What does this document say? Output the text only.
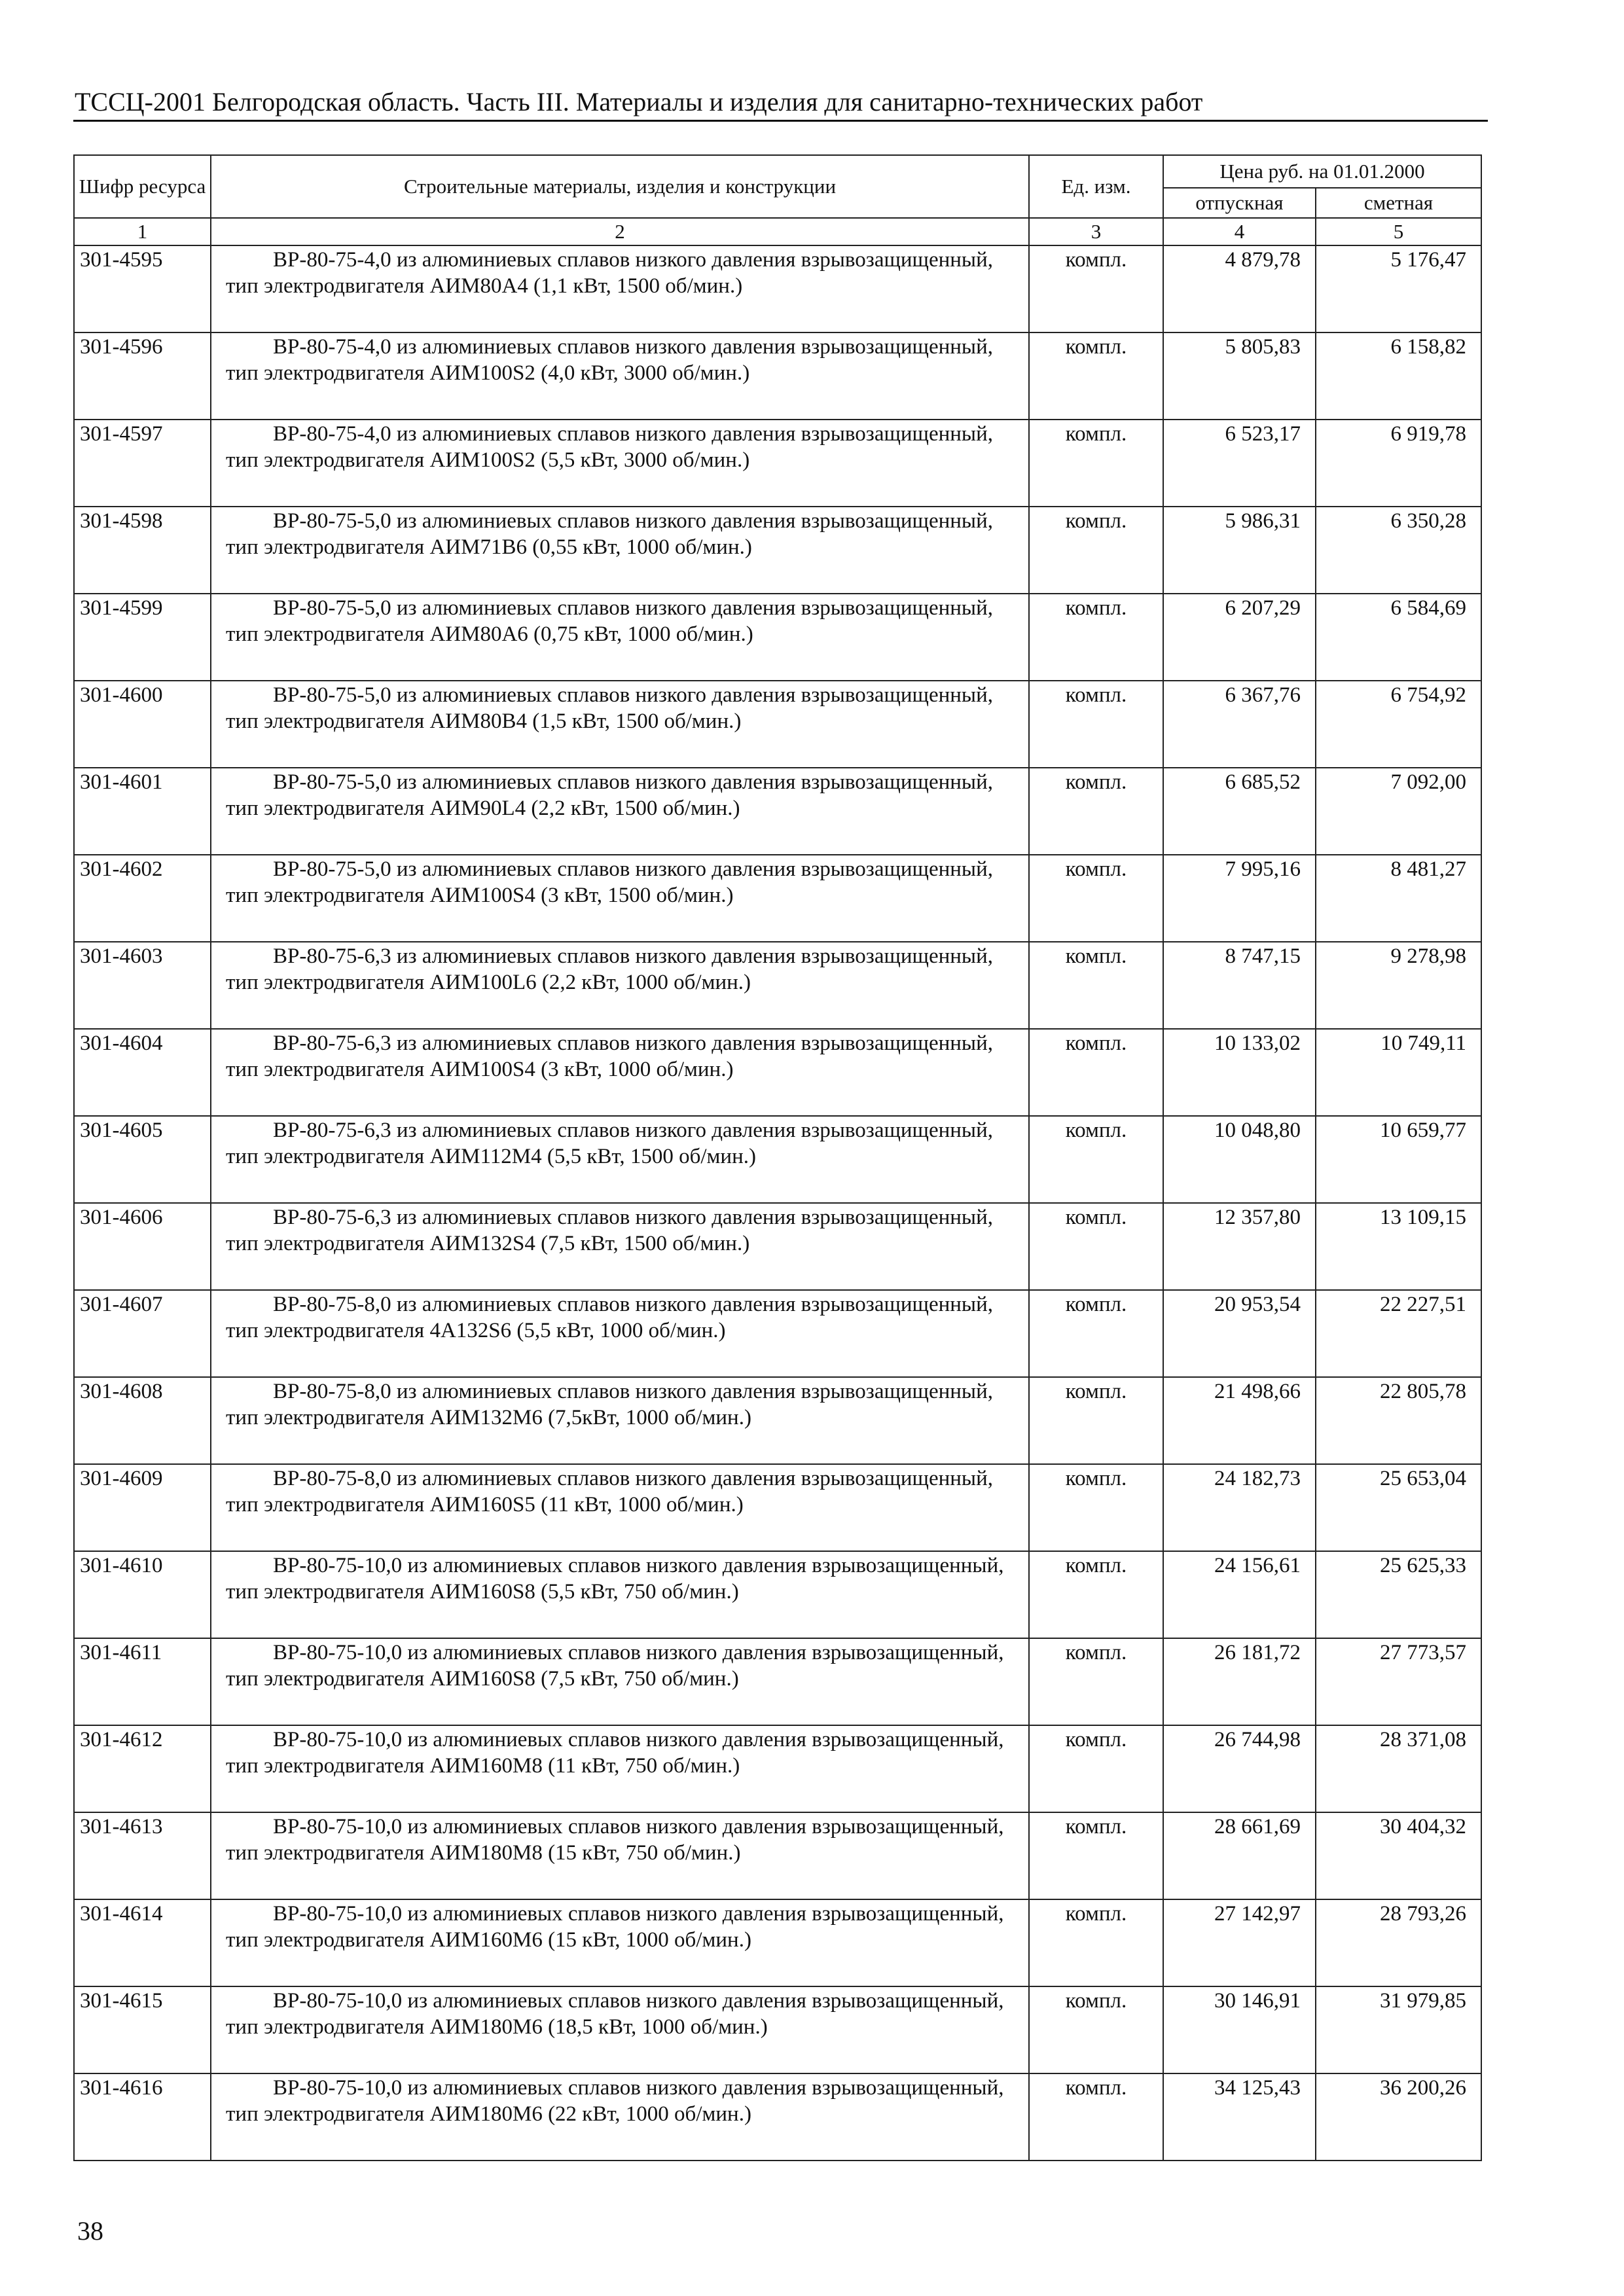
ТССЦ-2001 Белгородская область. Часть III. Материалы и изделия для санитарно-технических работ
Шифр ресурса	Строительные материалы, изделия и конструкции	Ед. изм.	Цена руб. на 01.01.2000	
			отпускная	сметная
1	2	3	4	5
301-4595	ВР-80-75-4,0 из алюминиевых сплавов низкого давления взрывозащищенный, тип электродвигателя АИМ80А4 (1,1 кВт, 1500 об/мин.)	компл.	4 879,78	5 176,47
301-4596	ВР-80-75-4,0 из алюминиевых сплавов низкого давления взрывозащищенный, тип электродвигателя АИМ100S2 (4,0 кВт, 3000 об/мин.)	компл.	5 805,83	6 158,82
301-4597	ВР-80-75-4,0 из алюминиевых сплавов низкого давления взрывозащищенный, тип электродвигателя АИМ100S2 (5,5 кВт, 3000 об/мин.)	компл.	6 523,17	6 919,78
301-4598	ВР-80-75-5,0 из алюминиевых сплавов низкого давления взрывозащищенный, тип электродвигателя АИМ71В6 (0,55 кВт, 1000 об/мин.)	компл.	5 986,31	6 350,28
301-4599	ВР-80-75-5,0 из алюминиевых сплавов низкого давления взрывозащищенный, тип электродвигателя АИМ80А6 (0,75 кВт, 1000 об/мин.)	компл.	6 207,29	6 584,69
301-4600	ВР-80-75-5,0 из алюминиевых сплавов низкого давления взрывозащищенный, тип электродвигателя АИМ80В4 (1,5 кВт, 1500 об/мин.)	компл.	6 367,76	6 754,92
301-4601	ВР-80-75-5,0 из алюминиевых сплавов низкого давления взрывозащищенный, тип электродвигателя АИМ90L4 (2,2 кВт, 1500 об/мин.)	компл.	6 685,52	7 092,00
301-4602	ВР-80-75-5,0 из алюминиевых сплавов низкого давления взрывозащищенный, тип электродвигателя АИМ100S4 (3 кВт, 1500 об/мин.)	компл.	7 995,16	8 481,27
301-4603	ВР-80-75-6,3 из алюминиевых сплавов низкого давления взрывозащищенный, тип электродвигателя АИМ100L6 (2,2 кВт, 1000 об/мин.)	компл.	8 747,15	9 278,98
301-4604	ВР-80-75-6,3 из алюминиевых сплавов низкого давления взрывозащищенный, тип электродвигателя АИМ100S4 (3 кВт, 1000 об/мин.)	компл.	10 133,02	10 749,11
301-4605	ВР-80-75-6,3 из алюминиевых сплавов низкого давления взрывозащищенный, тип электродвигателя АИМ112М4 (5,5 кВт, 1500 об/мин.)	компл.	10 048,80	10 659,77
301-4606	ВР-80-75-6,3 из алюминиевых сплавов низкого давления взрывозащищенный, тип электродвигателя АИМ132S4 (7,5 кВт, 1500 об/мин.)	компл.	12 357,80	13 109,15
301-4607	ВР-80-75-8,0 из алюминиевых сплавов низкого давления взрывозащищенный, тип электродвигателя 4А132S6 (5,5 кВт, 1000 об/мин.)	компл.	20 953,54	22 227,51
301-4608	ВР-80-75-8,0 из алюминиевых сплавов низкого давления взрывозащищенный, тип электродвигателя АИМ132М6 (7,5кВт, 1000 об/мин.)	компл.	21 498,66	22 805,78
301-4609	ВР-80-75-8,0 из алюминиевых сплавов низкого давления взрывозащищенный, тип электродвигателя АИМ160S5 (11 кВт, 1000 об/мин.)	компл.	24 182,73	25 653,04
301-4610	ВР-80-75-10,0 из алюминиевых сплавов низкого давления взрывозащищенный, тип электродвигателя АИМ160S8 (5,5 кВт, 750 об/мин.)	компл.	24 156,61	25 625,33
301-4611	ВР-80-75-10,0 из алюминиевых сплавов низкого давления взрывозащищенный, тип электродвигателя АИМ160S8 (7,5 кВт, 750 об/мин.)	компл.	26 181,72	27 773,57
301-4612	ВР-80-75-10,0 из алюминиевых сплавов низкого давления взрывозащищенный, тип электродвигателя АИМ160М8 (11 кВт, 750 об/мин.)	компл.	26 744,98	28 371,08
301-4613	ВР-80-75-10,0 из алюминиевых сплавов низкого давления взрывозащищенный, тип электродвигателя АИМ180М8 (15 кВт, 750 об/мин.)	компл.	28 661,69	30 404,32
301-4614	ВР-80-75-10,0 из алюминиевых сплавов низкого давления взрывозащищенный, тип электродвигателя АИМ160М6 (15 кВт, 1000 об/мин.)	компл.	27 142,97	28 793,26
301-4615	ВР-80-75-10,0 из алюминиевых сплавов низкого давления взрывозащищенный, тип электродвигателя АИМ180М6 (18,5 кВт, 1000 об/мин.)	компл.	30 146,91	31 979,85
301-4616	ВР-80-75-10,0 из алюминиевых сплавов низкого давления взрывозащищенный, тип электродвигателя АИМ180М6 (22 кВт, 1000 об/мин.)	компл.	34 125,43	36 200,26
38
